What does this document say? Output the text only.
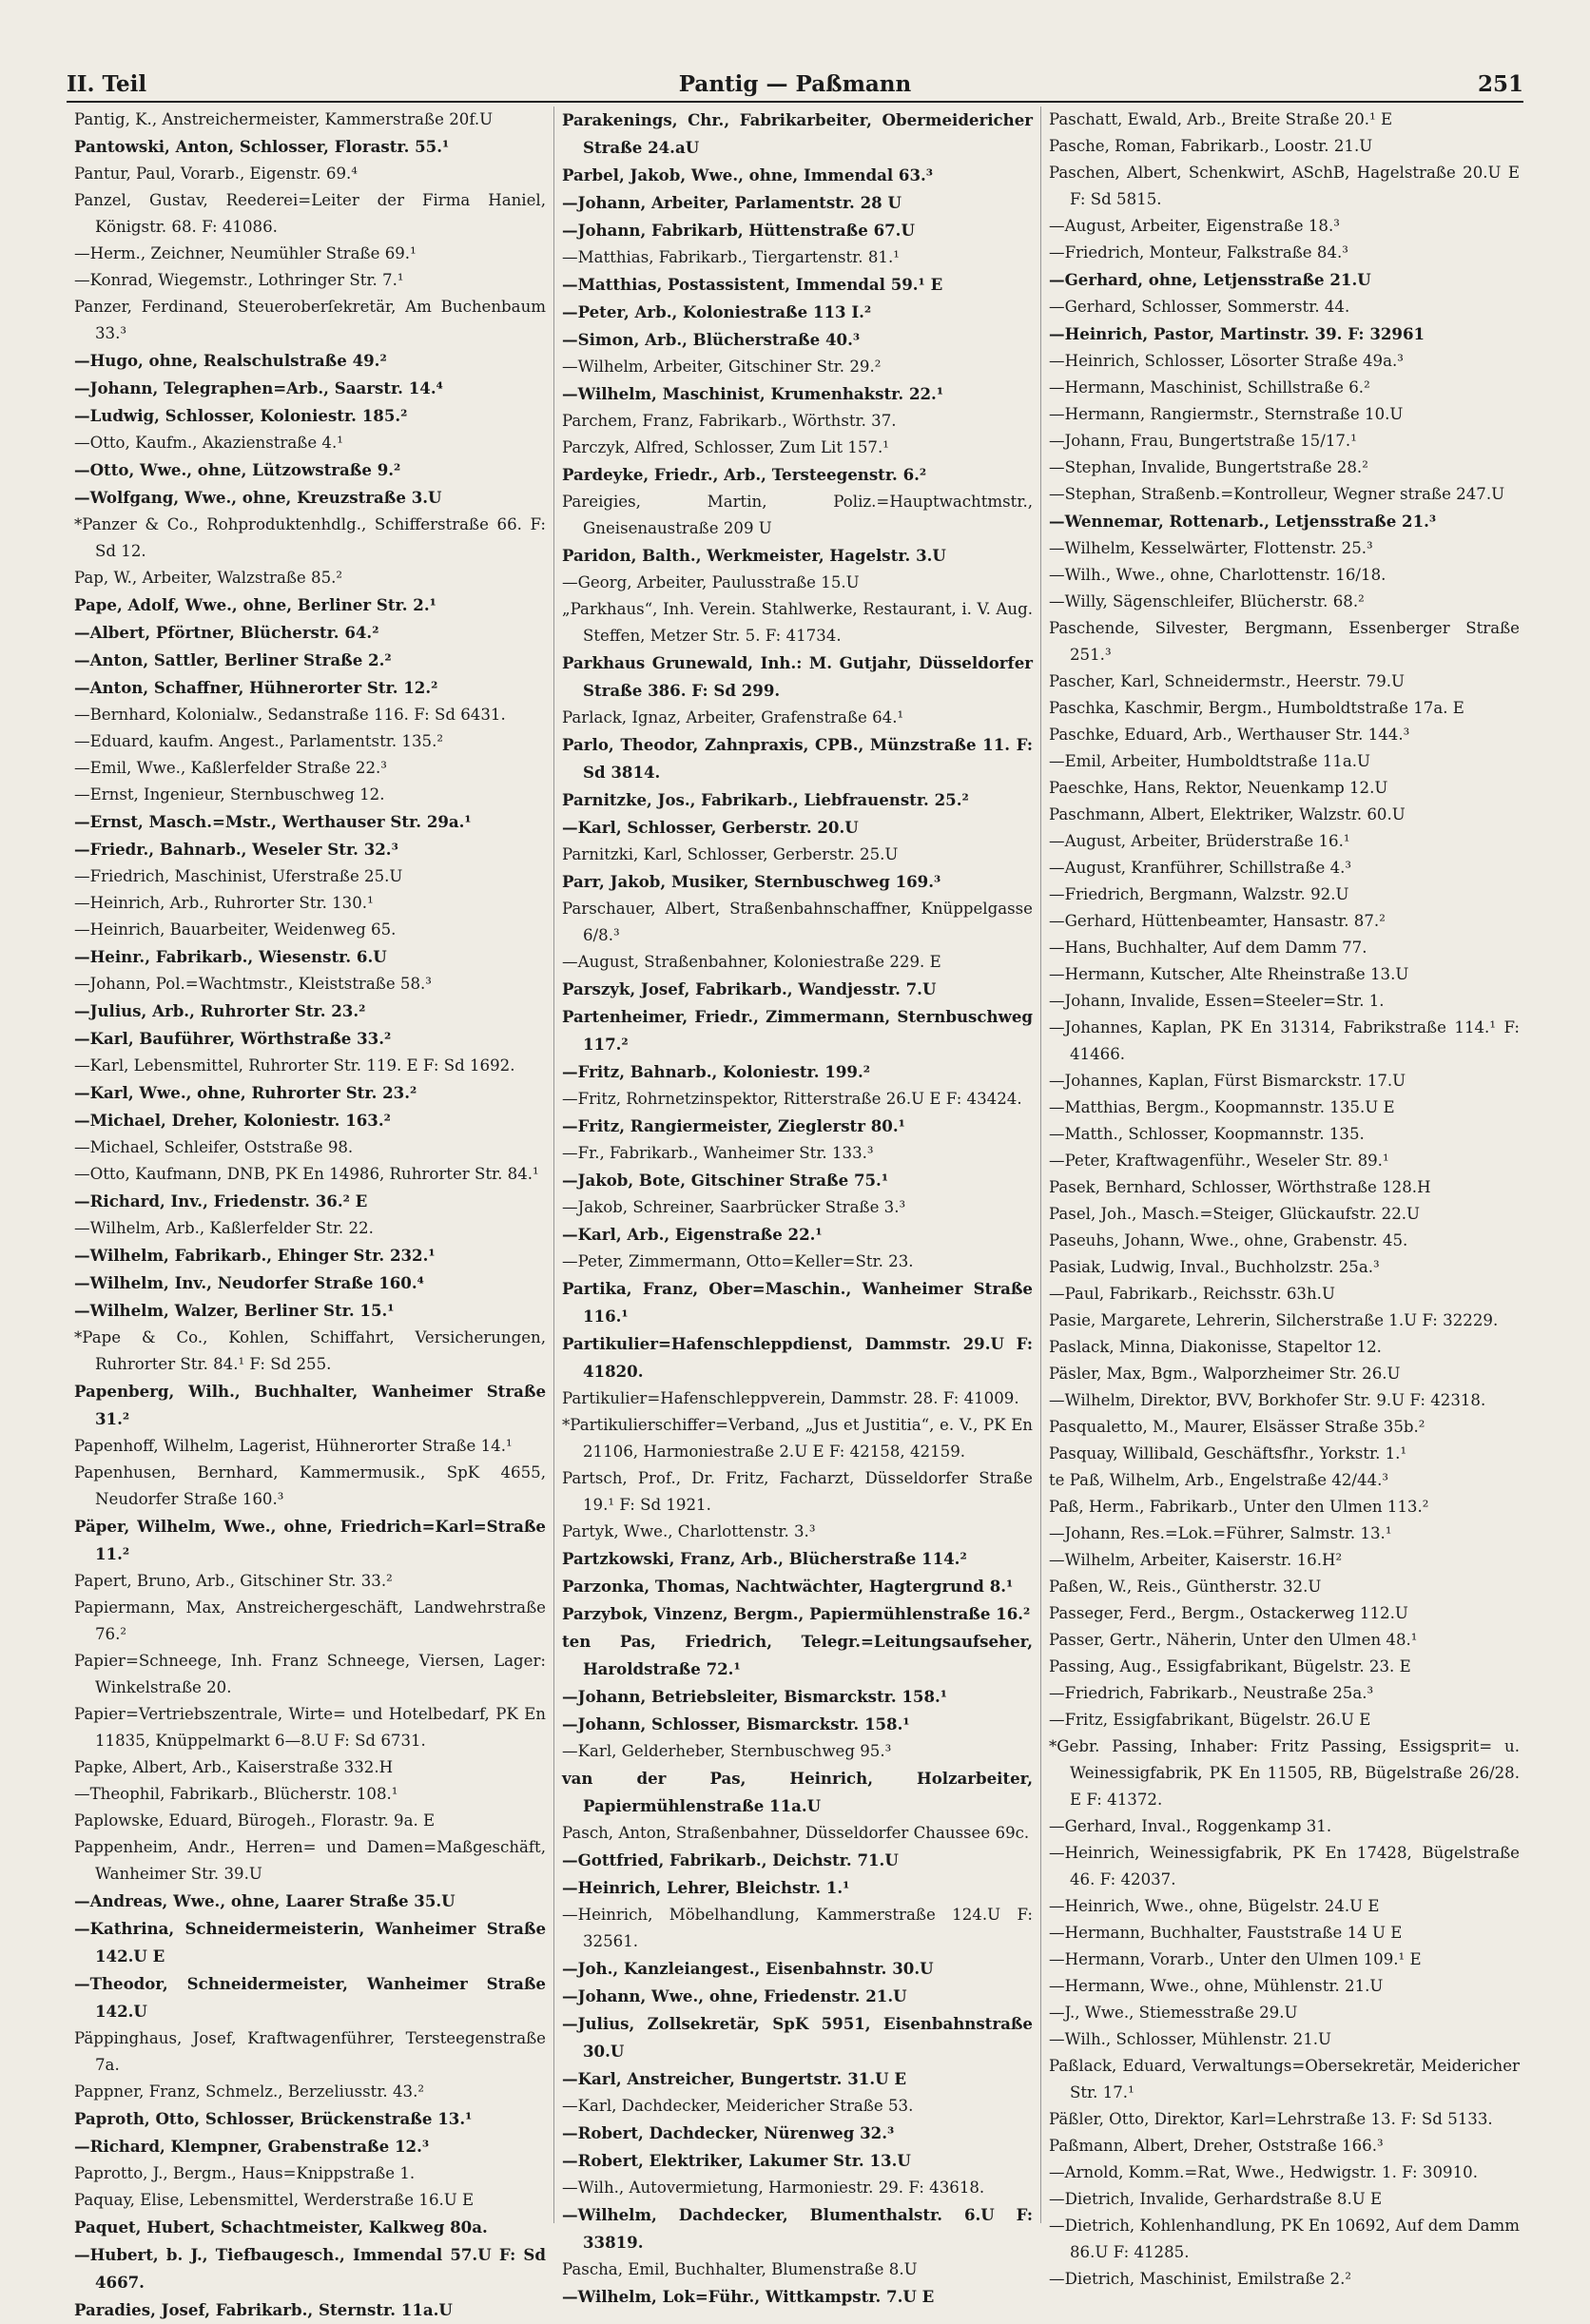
II. Teil	Pantig — Paßmann	251
Pantig, K., Anstreichermeister, Kammerstraße 20f.U
Pantowski, Anton, Schlosser, Florastr. 55.¹
Pantur, Paul, Vorarb., Eigenstr. 69.⁴
Panzel, Gustav, Reederei=Leiter der Firma Haniel, Königstr. 68. F: 41086.
—Herm., Zeichner, Neumühler Straße 69.¹
—Konrad, Wiegemstr., Lothringer Str. 7.¹
Panzer, Ferdinand, Steueroberſekretär, Am Buchenbaum 33.³
—Hugo, ohne, Realschulstraße 49.²
—Johann, Telegraphen=Arb., Saarstr. 14.⁴
—Ludwig, Schlosser, Koloniestr. 185.²
—Otto, Kaufm., Akazienstraße 4.¹
—Otto, Wwe., ohne, Lützowstraße 9.²
—Wolfgang, Wwe., ohne, Kreuzstraße 3.U
*Panzer & Co., Rohproduktenhdlg., Schifferstraße 66. F: Sd 12.
Pap, W., Arbeiter, Walzstraße 85.²
Pape, Adolf, Wwe., ohne, Berliner Str. 2.¹
—Albert, Pförtner, Blücherstr. 64.²
—Anton, Sattler, Berliner Straße 2.²
—Anton, Schaffner, Hühnerorter Str. 12.²
—Bernhard, Kolonialw., Sedanstraße 116. F: Sd 6431.
—Eduard, kaufm. Angest., Parlamentstr. 135.²
—Emil, Wwe., Kaßlerfelder Straße 22.³
—Ernst, Ingenieur, Sternbuschweg 12.
—Ernst, Masch.=Mstr., Werthauser Str. 29a.¹
—Friedr., Bahnarb., Weseler Str. 32.³
—Friedrich, Maschinist, Uferstraße 25.U
—Heinrich, Arb., Ruhrorter Str. 130.¹
—Heinrich, Bauarbeiter, Weidenweg 65.
—Heinr., Fabrikarb., Wiesenstr. 6.U
—Johann, Pol.=Wachtmstr., Kleiststraße 58.³
—Julius, Arb., Ruhrorter Str. 23.²
—Karl, Bauführer, Wörthstraße 33.²
—Karl, Lebensmittel, Ruhrorter Str. 119. E F: Sd 1692.
—Karl, Wwe., ohne, Ruhrorter Str. 23.²
—Michael, Dreher, Koloniestr. 163.²
—Michael, Schleifer, Oststraße 98.
—Otto, Kaufmann, DNB, PK En 14986, Ruhrorter Str. 84.¹
—Richard, Inv., Friedenstr. 36.² E
—Wilhelm, Arb., Kaßlerfelder Str. 22.
—Wilhelm, Fabrikarb., Ehinger Str. 232.¹
—Wilhelm, Inv., Neudorfer Straße 160.⁴
—Wilhelm, Walzer, Berliner Str. 15.¹
*Pape & Co., Kohlen, Schiffahrt, Versicherungen, Ruhrorter Str. 84.¹ F: Sd 255.
Papenberg, Wilh., Buchhalter, Wanheimer Straße 31.²
Papenhoff, Wilhelm, Lagerist, Hühnerorter Straße 14.¹
Papenhusen, Bernhard, Kammermusik., SpK 4655, Neudorfer Straße 160.³
Päper, Wilhelm, Wwe., ohne, Friedrich=Karl=Straße 11.²
Papert, Bruno, Arb., Gitschiner Str. 33.²
Papiermann, Max, Anstreichergeschäft, Landwehrstraße 76.²
Papier=Schneege, Inh. Franz Schneege, Viersen, Lager: Winkelstraße 20.
Papier=Vertriebszentrale, Wirte= und Hotelbedarf, PK En 11835, Knüppelmarkt 6—8.U F: Sd 6731.
Papke, Albert, Arb., Kaiserstraße 332.H
—Theophil, Fabrikarb., Blücherstr. 108.¹
Paplowske, Eduard, Bürogeh., Florastr. 9a. E
Pappenheim, Andr., Herren= und Damen=Maßgeschäft, Wanheimer Str. 39.U
—Andreas, Wwe., ohne, Laarer Straße 35.U
—Kathrina, Schneidermeisterin, Wanheimer Straße 142.U E
—Theodor, Schneidermeister, Wanheimer Straße 142.U
Päppinghaus, Josef, Kraftwagenführer, Tersteegenstraße 7a.
Pappner, Franz, Schmelz., Berzeliusstr. 43.²
Paproth, Otto, Schlosser, Brückenstraße 13.¹
—Richard, Klempner, Grabenstraße 12.³
Paprotto, J., Bergm., Haus=Knippstraße 1.
Paquay, Elise, Lebensmittel, Werderstraße 16.U E
Paquet, Hubert, Schachtmeister, Kalkweg 80a.
—Hubert, b. J., Tiefbaugesch., Immendal 57.U F: Sd 4667.
Paradies, Josef, Fabrikarb., Sternstr. 11a.U
Parakenings, Chr., Fabrikarbeiter, Obermeidericher Straße 24.aU
Parbel, Jakob, Wwe., ohne, Immendal 63.³
—Johann, Arbeiter, Parlamentstr. 28 U
—Johann, Fabrikarb, Hüttenstraße 67.U
—Matthias, Fabrikarb., Tiergartenstr. 81.¹
—Matthias, Postassistent, Immendal 59.¹ E
—Peter, Arb., Koloniestraße 113 I.²
—Simon, Arb., Blücherstraße 40.³
—Wilhelm, Arbeiter, Gitschiner Str. 29.²
—Wilhelm, Maschinist, Krumenhakstr. 22.¹
Parchem, Franz, Fabrikarb., Wörthstr. 37.
Parczyk, Alfred, Schlosser, Zum Lit 157.¹
Pardeyke, Friedr., Arb., Tersteegenstr. 6.²
Pareigies, Martin, Poliz.=Hauptwachtmstr., Gneisenaustraße 209 U
Paridon, Balth., Werkmeister, Hagelstr. 3.U
—Georg, Arbeiter, Paulusstraße 15.U
„Parkhaus“, Inh. Verein. Stahlwerke, Restaurant, i. V. Aug. Steffen, Metzer Str. 5. F: 41734.
Parkhaus Grunewald, Inh.: M. Gutjahr, Düsseldorfer Straße 386. F: Sd 299.
Parlack, Ignaz, Arbeiter, Grafenstraße 64.¹
Parlo, Theodor, Zahnpraxis, CPB., Münzstraße 11. F: Sd 3814.
Parnitzke, Jos., Fabrikarb., Liebfrauenstr. 25.²
—Karl, Schlosser, Gerberstr. 20.U
Parnitzki, Karl, Schlosser, Gerberstr. 25.U
Parr, Jakob, Musiker, Sternbuschweg 169.³
Parschauer, Albert, Straßenbahnschaffner, Knüppelgasse 6/8.³
—August, Straßenbahner, Koloniestraße 229. E
Parszyk, Josef, Fabrikarb., Wandjesstr. 7.U
Partenheimer, Friedr., Zimmermann, Sternbuschweg 117.²
—Fritz, Bahnarb., Koloniestr. 199.²
—Fritz, Rohrnetzinspektor, Ritterstraße 26.U E F: 43424.
—Fritz, Rangiermeister, Zieglerstr 80.¹
—Fr., Fabrikarb., Wanheimer Str. 133.³
—Jakob, Bote, Gitschiner Straße 75.¹
—Jakob, Schreiner, Saarbrücker Straße 3.³
—Karl, Arb., Eigenstraße 22.¹
—Peter, Zimmermann, Otto=Keller=Str. 23.
Partika, Franz, Ober=Maschin., Wanheimer Straße 116.¹
Partikulier=Hafenschleppdienst, Dammstr. 29.U F: 41820.
Partikulier=Hafenschleppverein, Dammstr. 28. F: 41009.
*Partikulierschiffer=Verband, „Jus et Justitia“, e. V., PK En 21106, Harmoniestraße 2.U E F: 42158, 42159.
Partsch, Prof., Dr. Fritz, Facharzt, Düsseldorfer Straße 19.¹ F: Sd 1921.
Partyk, Wwe., Charlottenstr. 3.³
Partzkowski, Franz, Arb., Blücherstraße 114.²
Parzonka, Thomas, Nachtwächter, Hagtergrund 8.¹
Parzybok, Vinzenz, Bergm., Papiermühlenstraße 16.²
ten Pas, Friedrich, Telegr.=Leitungsaufseher, Haroldstraße 72.¹
—Johann, Betriebsleiter, Bismarckstr. 158.¹
—Johann, Schlosser, Bismarckstr. 158.¹
—Karl, Gelderheber, Sternbuschweg 95.³
van der Pas, Heinrich, Holzarbeiter, Papiermühlenstraße 11a.U
Pasch, Anton, Straßenbahner, Düsseldorfer Chaussee 69c.
—Gottfried, Fabrikarb., Deichstr. 71.U
—Heinrich, Lehrer, Bleichstr. 1.¹
—Heinrich, Möbelhandlung, Kammerstraße 124.U F: 32561.
—Joh., Kanzleiangest., Eisenbahnstr. 30.U
—Johann, Wwe., ohne, Friedenstr. 21.U
—Julius, Zollsekretär, SpK 5951, Eisenbahnstraße 30.U
—Karl, Anstreicher, Bungertstr. 31.U E
—Karl, Dachdecker, Meidericher Straße 53.
—Robert, Dachdecker, Nürenweg 32.³
—Robert, Elektriker, Lakumer Str. 13.U
—Wilh., Autovermietung, Harmoniestr. 29. F: 43618.
—Wilhelm, Dachdecker, Blumenthalstr. 6.U F: 33819.
Pascha, Emil, Buchhalter, Blumenstraße 8.U
—Wilhelm, Lok=Führ., Wittkampstr. 7.U E
Paschatt, Ewald, Arb., Breite Straße 20.¹ E
Pasche, Roman, Fabrikarb., Loostr. 21.U
Paschen, Albert, Schenkwirt, ASchB, Hagelstraße 20.U E F: Sd 5815.
—August, Arbeiter, Eigenstraße 18.³
—Friedrich, Monteur, Falkstraße 84.³
—Gerhard, ohne, Letjensstraße 21.U
—Gerhard, Schlosser, Sommerstr. 44.
—Heinrich, Pastor, Martinstr. 39. F: 32961
—Heinrich, Schlosser, Lösorter Straße 49a.³
—Hermann, Maschinist, Schillstraße 6.²
—Hermann, Rangiermstr., Sternstraße 10.U
—Johann, Frau, Bungertstraße 15/17.¹
—Stephan, Invalide, Bungertstraße 28.²
—Stephan, Straßenb.=Kontrolleur, Wegner straße 247.U
—Wennemar, Rottenarb., Letjensstraße 21.³
—Wilhelm, Kesselwärter, Flottenstr. 25.³
—Wilh., Wwe., ohne, Charlottenstr. 16/18.
—Willy, Sägenschleifer, Blücherstr. 68.²
Paschende, Silvester, Bergmann, Essenberger Straße 251.³
Pascher, Karl, Schneidermstr., Heerstr. 79.U
Paschka, Kaschmir, Bergm., Humboldtstraße 17a. E
Paschke, Eduard, Arb., Werthauser Str. 144.³
—Emil, Arbeiter, Humboldtstraße 11a.U
Paeschke, Hans, Rektor, Neuenkamp 12.U
Paschmann, Albert, Elektriker, Walzstr. 60.U
—August, Arbeiter, Brüderstraße 16.¹
—August, Kranführer, Schillstraße 4.³
—Friedrich, Bergmann, Walzstr. 92.U
—Gerhard, Hüttenbeamter, Hansastr. 87.²
—Hans, Buchhalter, Auf dem Damm 77.
—Hermann, Kutscher, Alte Rheinstraße 13.U
—Johann, Invalide, Essen=Steeler=Str. 1.
—Johannes, Kaplan, PK En 31314, Fabrikstraße 114.¹ F: 41466.
—Johannes, Kaplan, Fürst Bismarckstr. 17.U
—Matthias, Bergm., Koopmannstr. 135.U E
—Matth., Schlosser, Koopmannstr. 135.
—Peter, Kraftwagenführ., Weseler Str. 89.¹
Pasek, Bernhard, Schlosser, Wörthstraße 128.H
Pasel, Joh., Masch.=Steiger, Glückaufstr. 22.U
Paseuhs, Johann, Wwe., ohne, Grabenstr. 45.
Pasiak, Ludwig, Inval., Buchholzstr. 25a.³
—Paul, Fabrikarb., Reichsstr. 63h.U
Pasie, Margarete, Lehrerin, Silcherstraße 1.U F: 32229.
Paslack, Minna, Diakonisse, Stapeltor 12.
Päsler, Max, Bgm., Walporzheimer Str. 26.U
—Wilhelm, Direktor, BVV, Borkhofer Str. 9.U F: 42318.
Pasqualetto, M., Maurer, Elsässer Straße 35b.²
Pasquay, Willibald, Geschäftsfhr., Yorkstr. 1.¹
te Paß, Wilhelm, Arb., Engelstraße 42/44.³
Paß, Herm., Fabrikarb., Unter den Ulmen 113.²
—Johann, Res.=Lok.=Führer, Salmstr. 13.¹
—Wilhelm, Arbeiter, Kaiserstr. 16.H²
Paßen, W., Reis., Güntherstr. 32.U
Passeger, Ferd., Bergm., Ostackerweg 112.U
Passer, Gertr., Näherin, Unter den Ulmen 48.¹
Passing, Aug., Essigfabrikant, Bügelstr. 23. E
—Friedrich, Fabrikarb., Neustraße 25a.³
—Fritz, Essigfabrikant, Bügelstr. 26.U E
*Gebr. Passing, Inhaber: Fritz Passing, Essigsprit= u. Weinessigfabrik, PK En 11505, RB, Bügelstraße 26/28. E F: 41372.
—Gerhard, Inval., Roggenkamp 31.
—Heinrich, Weinessigfabrik, PK En 17428, Bügelstraße 46. F: 42037.
—Heinrich, Wwe., ohne, Bügelstr. 24.U E
—Hermann, Buchhalter, Fauststraße 14 U E
—Hermann, Vorarb., Unter den Ulmen 109.¹ E
—Hermann, Wwe., ohne, Mühlenstr. 21.U
—J., Wwe., Stiemesstraße 29.U
—Wilh., Schlosser, Mühlenstr. 21.U
Paßlack, Eduard, Verwaltungs=Obersekretär, Meidericher Str. 17.¹
Päßler, Otto, Direktor, Karl=Lehrstraße 13. F: Sd 5133.
Paßmann, Albert, Dreher, Oststraße 166.³
—Arnold, Komm.=Rat, Wwe., Hedwigstr. 1. F: 30910.
—Dietrich, Invalide, Gerhardstraße 8.U E
—Dietrich, Kohlenhandlung, PK En 10692, Auf dem Damm 86.U F: 41285.
—Dietrich, Maschinist, Emilstraße 2.²
